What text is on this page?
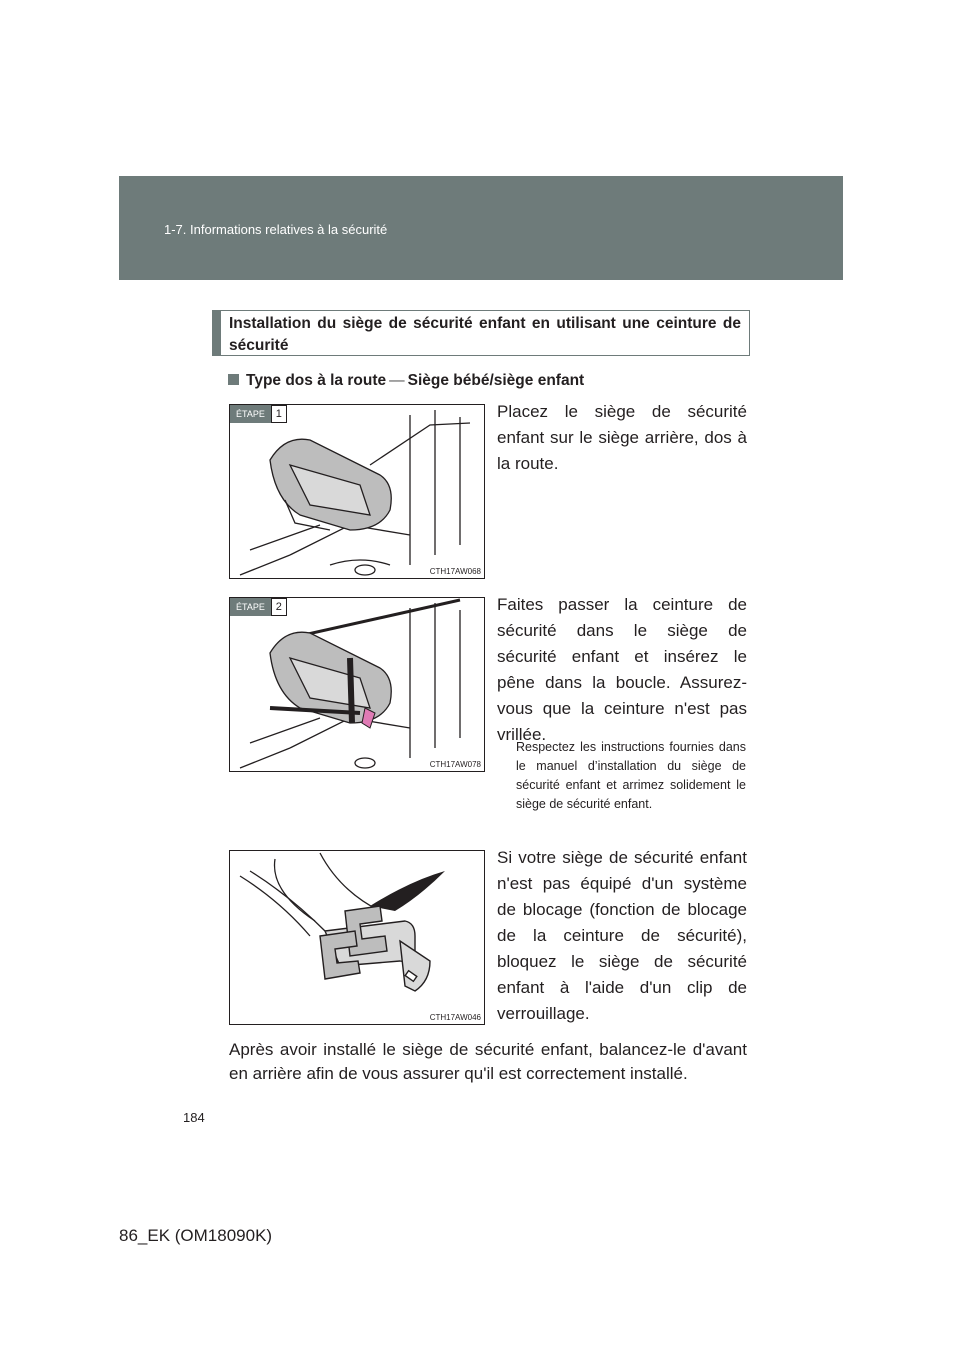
1-7. Informations relatives à la sécurité
Installation du siège de sécurité enfant en utilisant une ceinture de sécurité
Type dos à la route — Siège bébé/siège enfant
ÉTAPE 1
CTH17AW068
Placez le siège de sécurité enfant sur le siège arrière, dos à la route.
ÉTAPE 2
CTH17AW078
Faites passer la ceinture de sécurité dans le siège de sécurité enfant et insérez le pêne dans la boucle. Assurez-vous que la ceinture n'est pas vrillée.
Respectez les instructions fournies dans le manuel d’installation du siège de sécurité enfant et arrimez solidement le siège de sécurité enfant.
CTH17AW046
Si votre siège de sécurité enfant n'est pas équipé d'un système de blocage (fonction de blocage de la ceinture de sécurité), bloquez le siège de sécurité enfant à l'aide d'un clip de verrouillage.
Après avoir installé le siège de sécurité enfant, balancez-le d'avant en arrière afin de vous assurer qu'il est correctement installé.
184
86_EK (OM18090K)
